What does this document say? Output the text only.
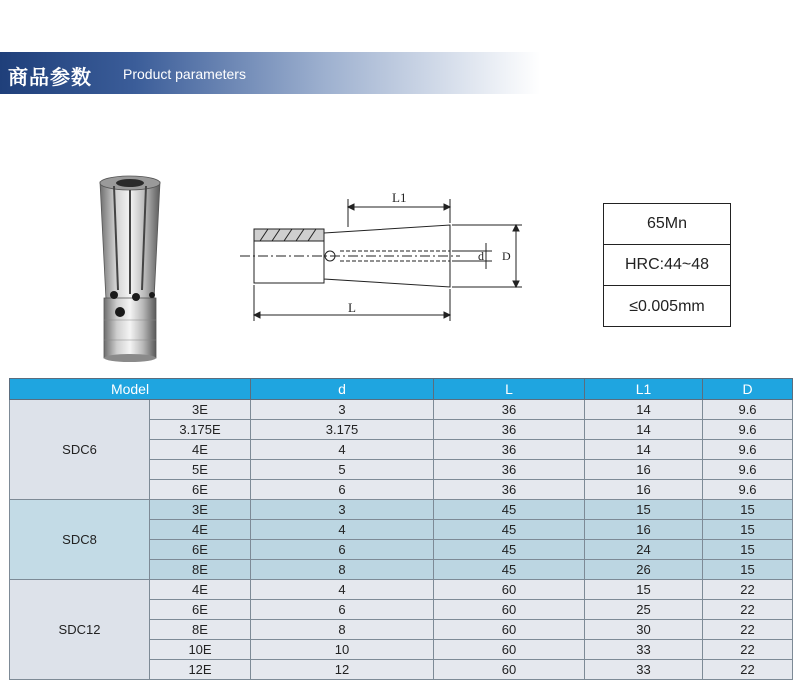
商品参数 Product parameters
L1
L
d D
65Mn
HRC:44~48
≤0.005mm
Model		d	L	L1	D
SDC6	3E	3	36	14	9.6
	3.175E	3.175	36	14	9.6
	4E	4	36	14	9.6
	5E	5	36	16	9.6
	6E	6	36	16	9.6
SDC8	3E	3	45	15	15
	4E	4	45	16	15
	6E	6	45	24	15
	8E	8	45	26	15
SDC12	4E	4	60	15	22
	6E	6	60	25	22
	8E	8	60	30	22
	10E	10	60	33	22
	12E	12	60	33	22
